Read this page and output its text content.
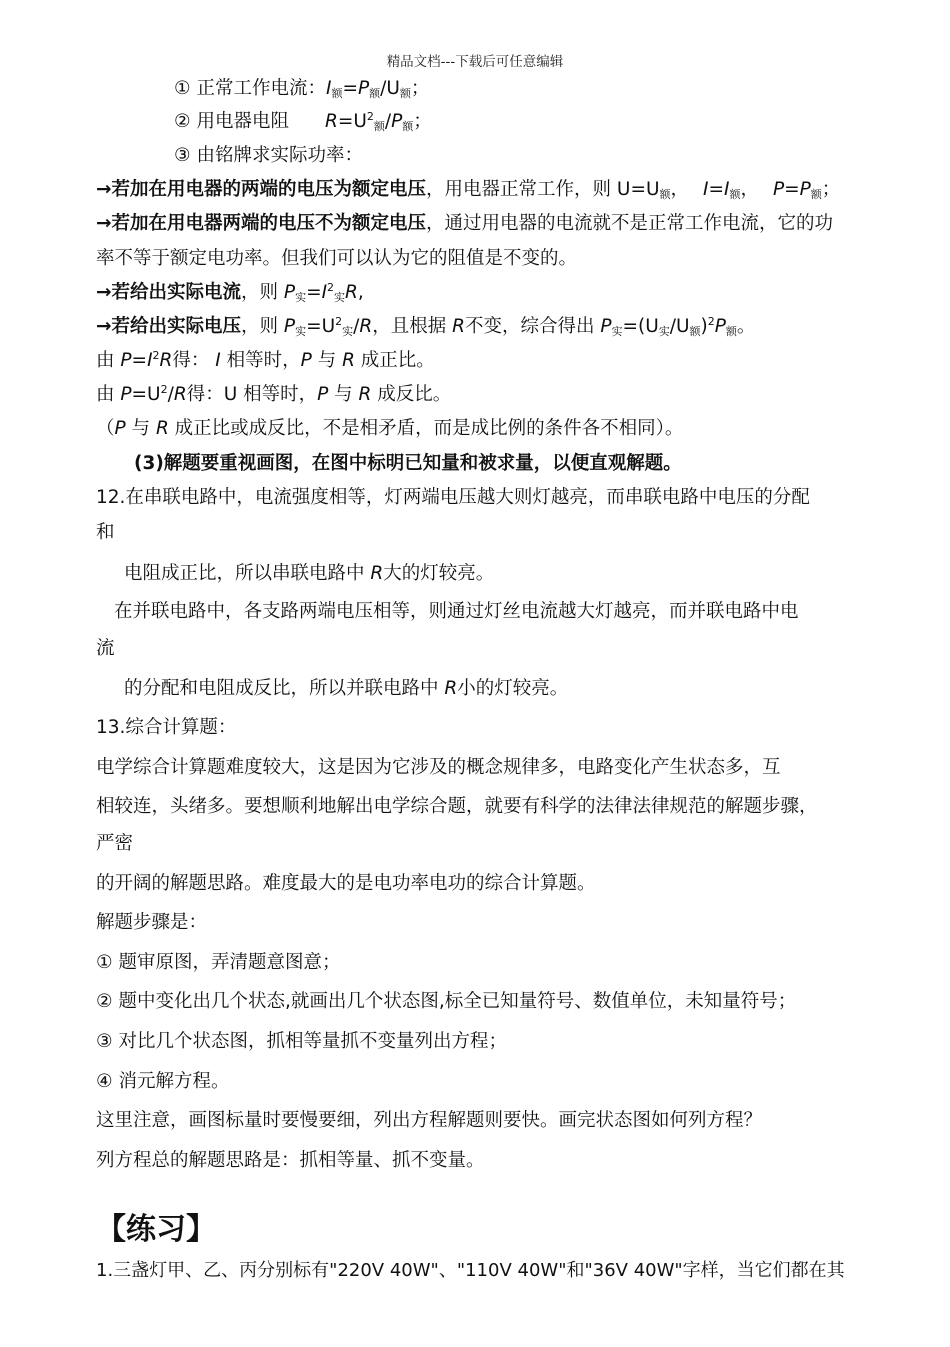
精品文档---下载后可任意编辑
① 正常工作电流：$I_额=P_额/U_额$；
② 用电器电阻 $R=U^2_额/P_额$；
③ 由铭牌求实际功率：
→若加在用电器的两端的电压为额定电压，用电器正常工作，则 $U=U_额$， $I=I_额$， $P=P_额$；
→若加在用电器两端的电压不为额定电压，通过用电器的电流就不是正常工作电流，它的功
率不等于额定电功率。但我们可以认为它的阻值是不变的。
→若给出实际电流，则 $P_实=I^2_实R$,
→若给出实际电压，则 $P_实=U^2_实/R$，且根据 R不变，综合得出 $P_实=(U_实/U_额)^2P_额$。
由 $P=I^2R$得： I 相等时，P 与 R 成正比。
由 $P=U^2/R$得：U 相等时，P 与 R 成反比。
（P 与 R 成正比或成反比，不是相矛盾，而是成比例的条件各不相同）。
(3)解题要重视画图，在图中标明已知量和被求量，以便直观解题。
12.在串联电路中，电流强度相等，灯两端电压越大则灯越亮，而串联电路中电压的分配
和
电阻成正比，所以串联电路中 R大的灯较亮。
在并联电路中，各支路两端电压相等，则通过灯丝电流越大灯越亮，而并联电路中电
流
的分配和电阻成反比，所以并联电路中 R小的灯较亮。
13.综合计算题：
电学综合计算题难度较大，这是因为它涉及的概念规律多，电路变化产生状态多，互
相较连，头绪多。要想顺利地解出电学综合题，就要有科学的法律法律规范的解题步骤，
严密
的开阔的解题思路。难度最大的是电功率电功的综合计算题。
解题步骤是：
① 题审原图，弄清题意图意；
② 题中变化出几个状态,就画出几个状态图,标全已知量符号、数值单位，未知量符号；
③ 对比几个状态图，抓相等量抓不变量列出方程；
④ 消元解方程。
这里注意，画图标量时要慢要细，列出方程解题则要快。画完状态图如何列方程？
列方程总的解题思路是：抓相等量、抓不变量。
【练习】
1.三盏灯甲、乙、丙分别标有"220V 40W"、"110V 40W"和"36V 40W"字样，当它们都在其
